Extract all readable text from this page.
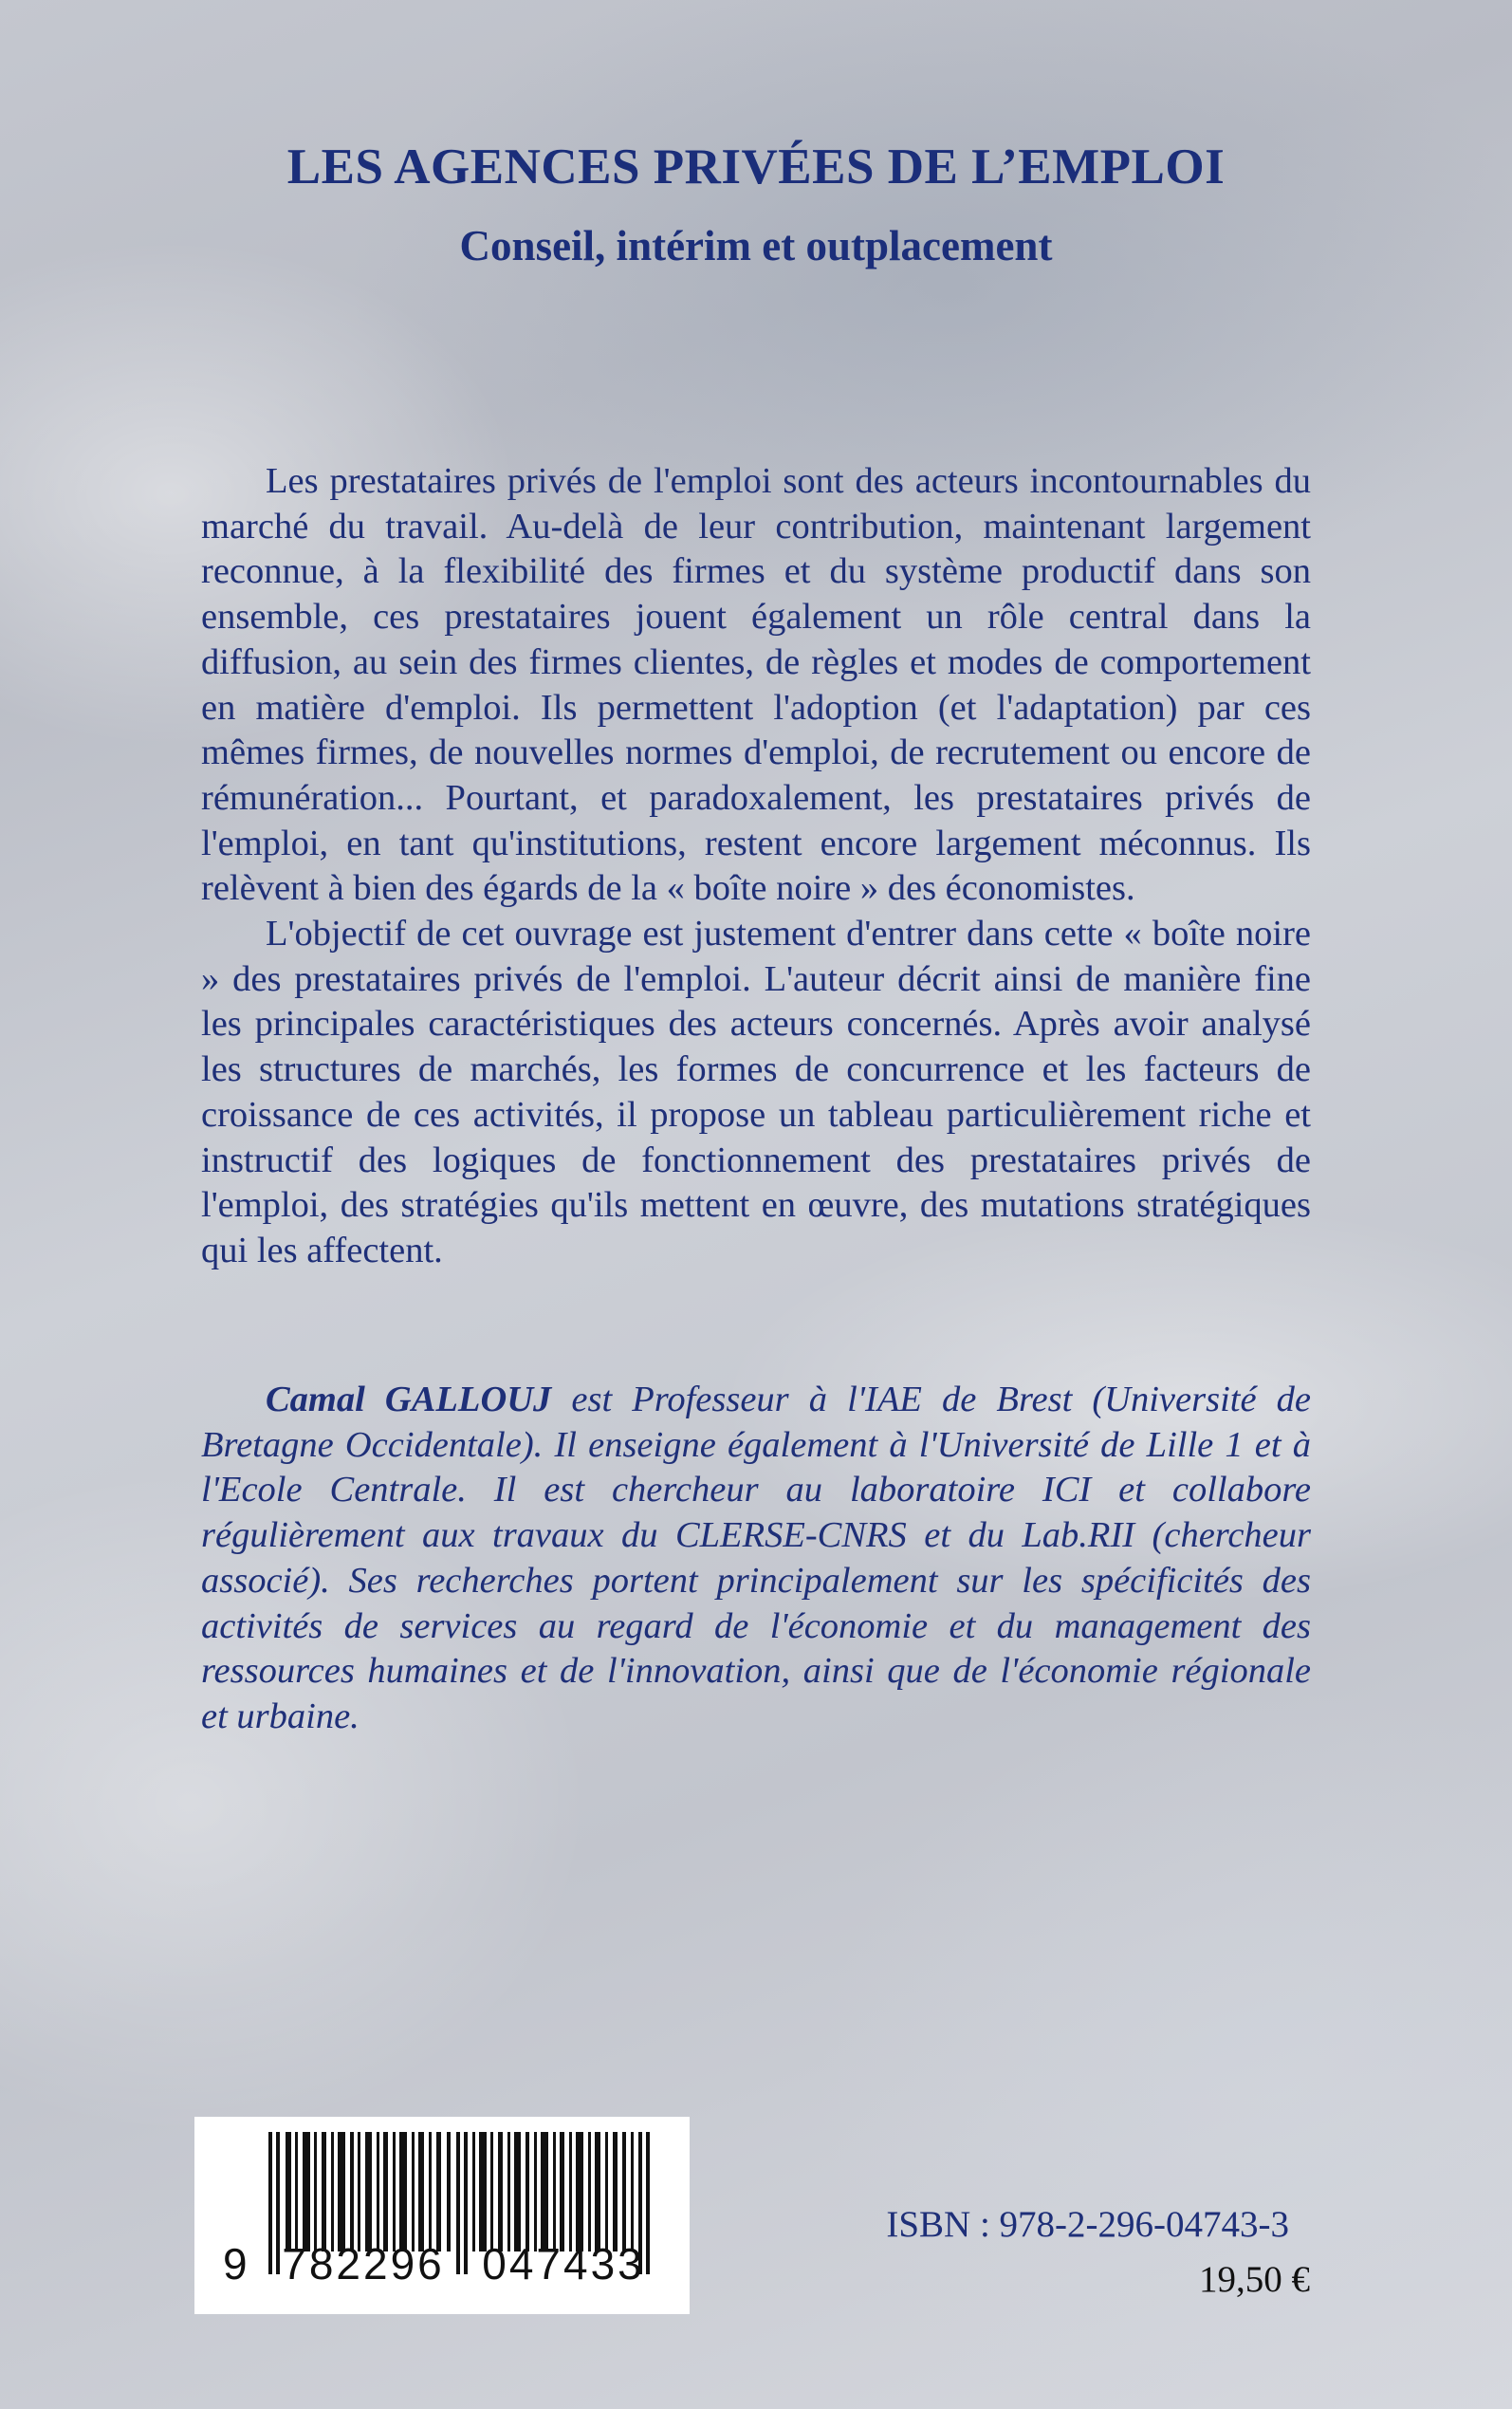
LES AGENCES PRIVÉES DE L’EMPLOI
Conseil, intérim et outplacement

Les prestataires privés de l'emploi sont des acteurs incontournables du marché du travail. Au-delà de leur contribution, maintenant largement reconnue, à la flexibilité des firmes et du système productif dans son ensemble, ces prestataires jouent également un rôle central dans la diffusion, au sein des firmes clientes, de règles et modes de comportement en matière d'emploi. Ils permettent l'adoption (et l'adaptation) par ces mêmes firmes, de nouvelles normes d'emploi, de recrutement ou encore de rémunération... Pourtant, et paradoxalement, les prestataires privés de l'emploi, en tant qu'institutions, restent encore largement méconnus. Ils relèvent à bien des égards de la « boîte noire » des économistes.

L'objectif de cet ouvrage est justement d'entrer dans cette « boîte noire » des prestataires privés de l'emploi. L'auteur décrit ainsi de manière fine les principales caractéristiques des acteurs concernés. Après avoir analysé les structures de marchés, les formes de concurrence et les facteurs de croissance de ces activités, il propose un tableau particulièrement riche et instructif des logiques de fonctionnement des prestataires privés de l'emploi, des stratégies qu'ils mettent en œuvre, des mutations stratégiques qui les affectent.

Camal GALLOUJ est Professeur à l'IAE de Brest (Université de Bretagne Occidentale). Il enseigne également à l'Université de Lille 1 et à l'Ecole Centrale. Il est chercheur au laboratoire ICI et collabore régulièrement aux travaux du CLERSE-CNRS et du Lab.RII (chercheur associé). Ses recherches portent principalement sur les spécificités des activités de services au regard de l'économie et du management des ressources humaines et de l'innovation, ainsi que de l'économie régionale et urbaine.

9 782296 047433
ISBN : 978-2-296-04743-3
19,50 €
